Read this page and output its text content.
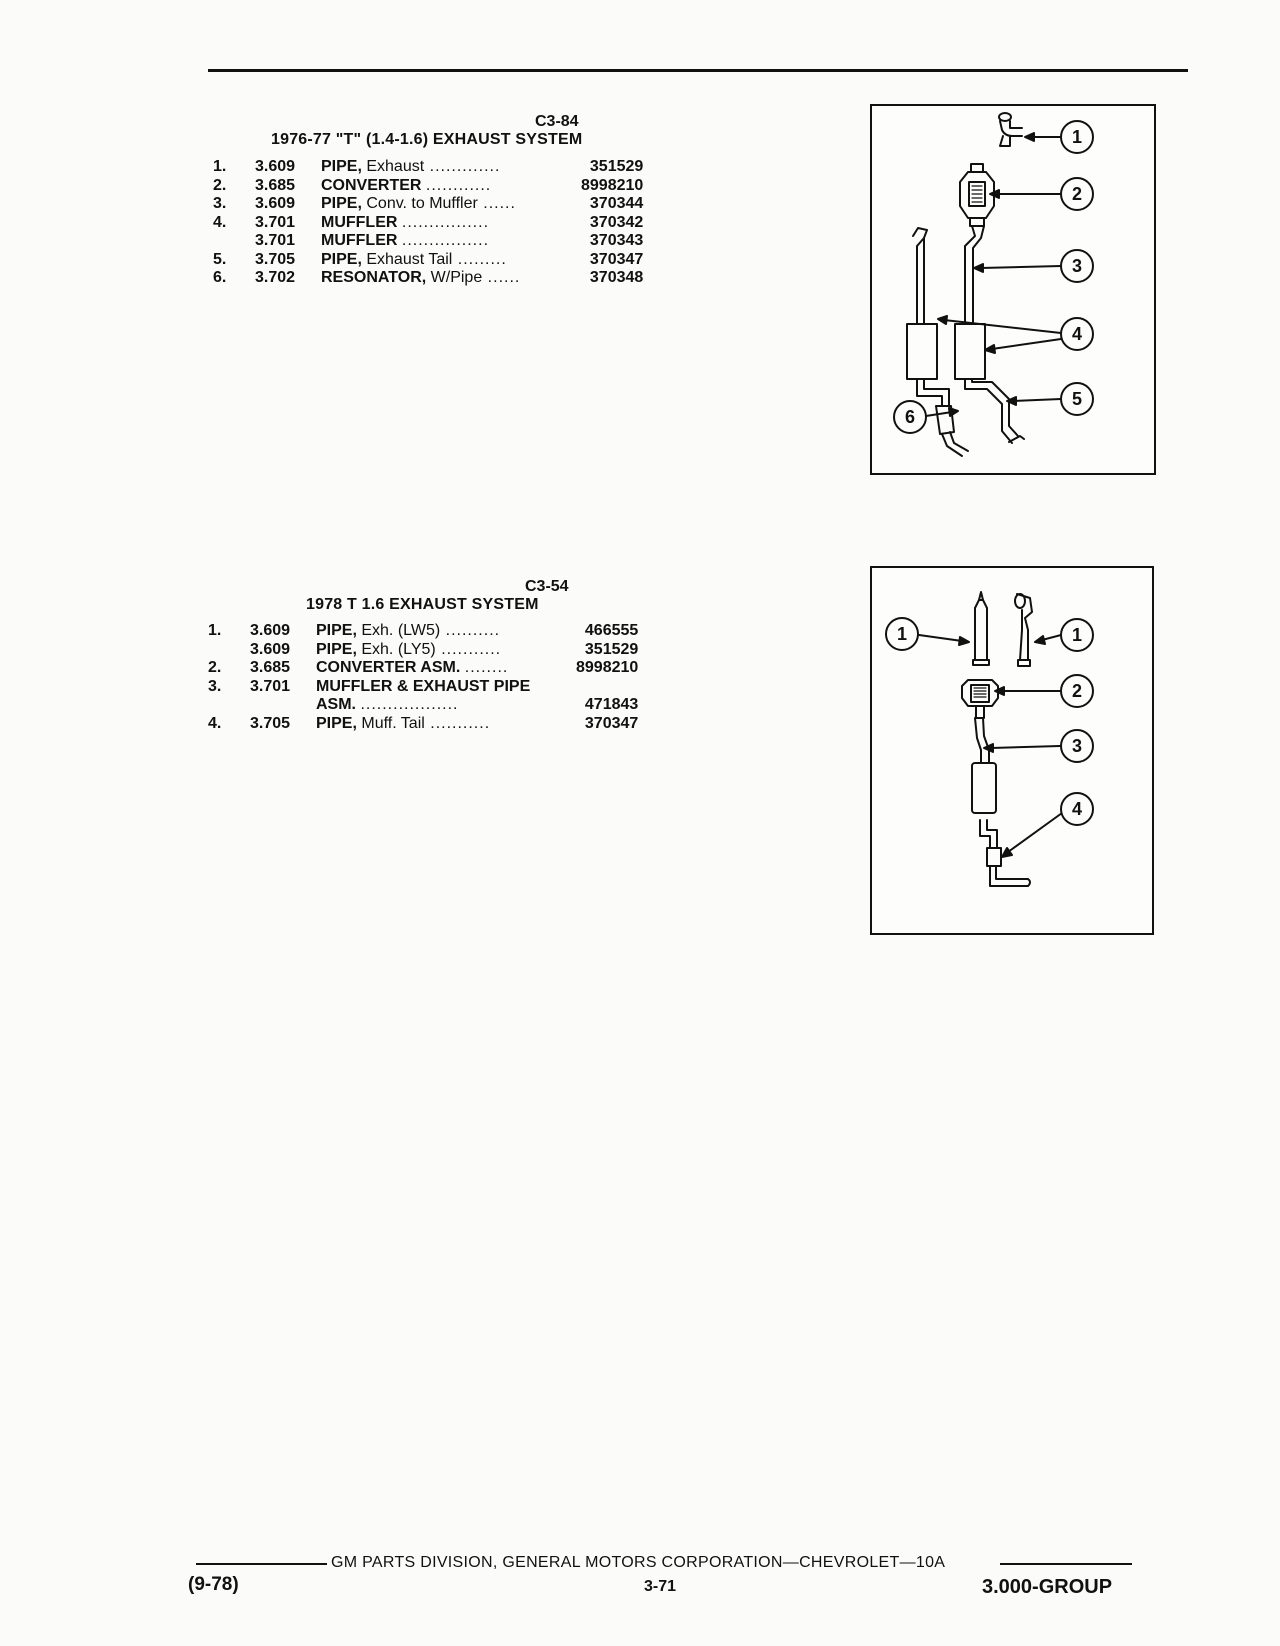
C3-84
1976-77 "T" (1.4-1.6) EXHAUST SYSTEM
1.	3.609	PIPE, Exhaust .............	351529
2.	3.685	CONVERTER ............	8998210
3.	3.609	PIPE, Conv. to Muffler ......	370344
4.	3.701	MUFFLER ................	370342
	3.701	MUFFLER ................	370343
5.	3.705	PIPE, Exhaust Tail .........	370347
6.	3.702	RESONATOR, W/Pipe ......	370348
1
2
3
4
5
6
C3-54
1978 T 1.6 EXHAUST SYSTEM
1.	3.609	PIPE, Exh. (LW5) ..........	466555
	3.609	PIPE, Exh. (LY5) ...........	351529
2.	3.685	CONVERTER ASM. ........	8998210
3.	3.701	MUFFLER & EXHAUST PIPE	
		ASM. ..................	471843
4.	3.705	PIPE, Muff. Tail ...........	370347
1	1
2
3
4
GM PARTS DIVISION, GENERAL MOTORS CORPORATION—CHEVROLET—10A
(9-78)	3-71	3.000-GROUP
